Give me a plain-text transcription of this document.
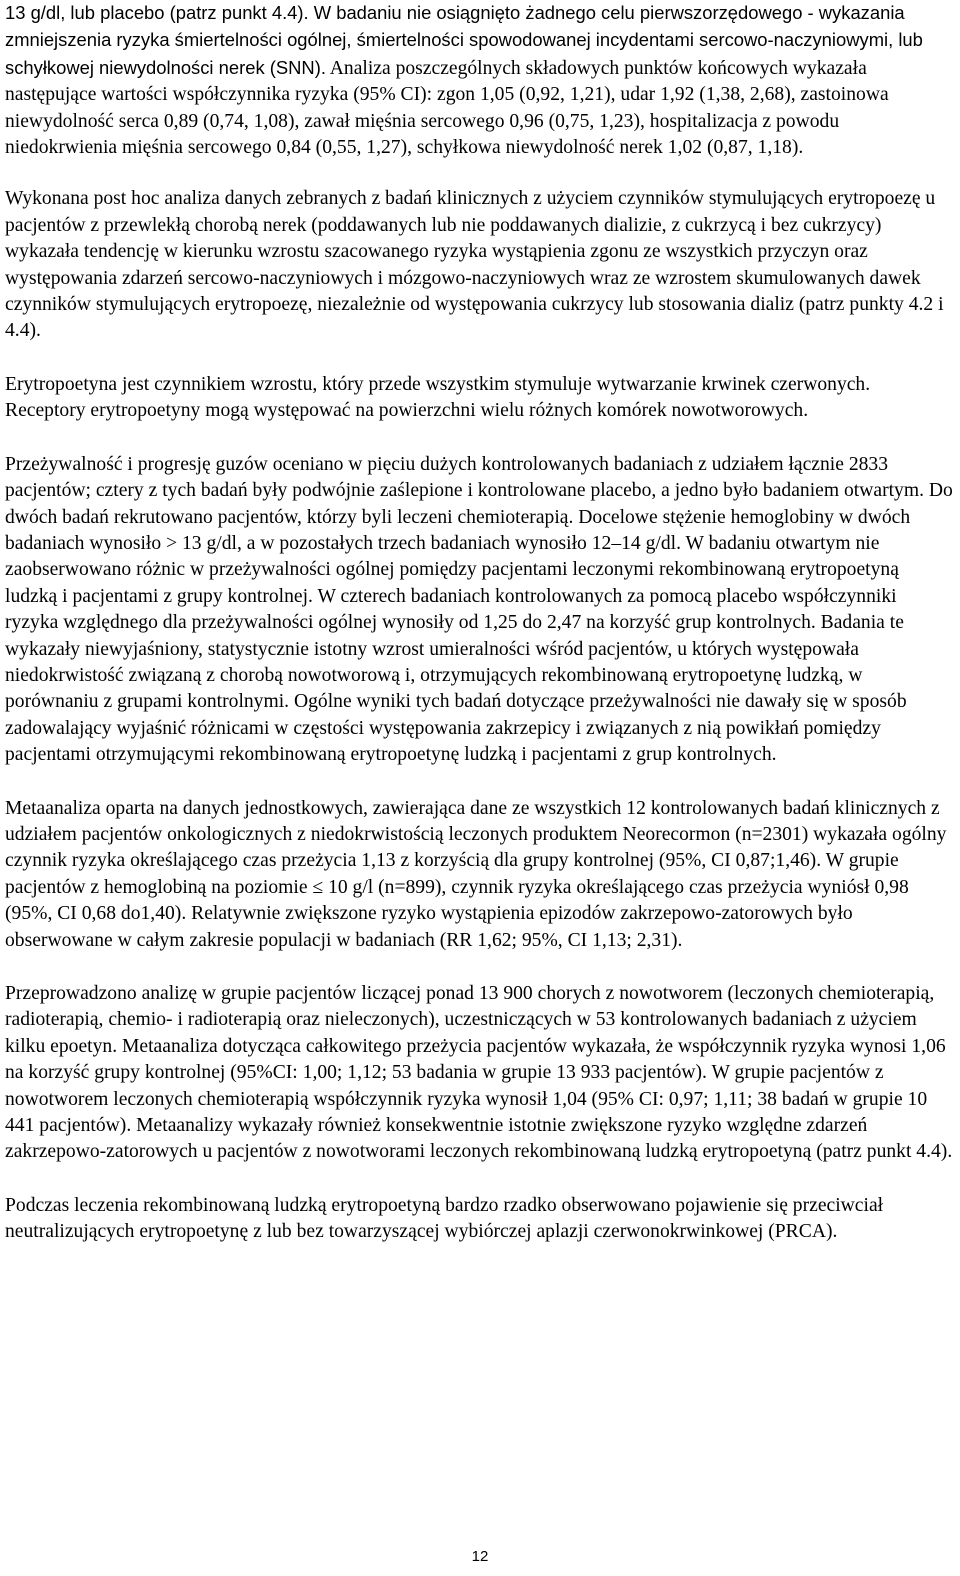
13 g/dl, lub placebo (patrz punkt 4.4). W badaniu nie osiągnięto żadnego celu pierwszorzędowego - wykazania zmniejszenia ryzyka śmiertelności ogólnej, śmiertelności spowodowanej incydentami sercowo-naczyniowymi, lub schyłkowej niewydolności nerek (SNN). Analiza poszczególnych składowych punktów końcowych wykazała następujące wartości współczynnika ryzyka (95% CI): zgon 1,05 (0,92, 1,21), udar 1,92 (1,38, 2,68), zastoinowa niewydolność serca 0,89 (0,74, 1,08), zawał mięśnia sercowego 0,96 (0,75, 1,23), hospitalizacja z powodu niedokrwienia mięśnia sercowego 0,84 (0,55, 1,27), schyłkowa niewydolność nerek 1,02 (0,87, 1,18).

Wykonana post hoc analiza danych zebranych z badań klinicznych z użyciem czynników stymulujących erytropoezę u pacjentów z przewlekłą chorobą nerek (poddawanych lub nie poddawanych dializie, z cukrzycą i bez cukrzycy) wykazała tendencję w kierunku wzrostu szacowanego ryzyka wystąpienia zgonu ze wszystkich przyczyn oraz występowania zdarzeń sercowo-naczyniowych i mózgowo-naczyniowych wraz ze wzrostem skumulowanych dawek czynników stymulujących erytropoezę, niezależnie od występowania cukrzycy lub stosowania dializ (patrz punkty 4.2 i 4.4).

Erytropoetyna jest czynnikiem wzrostu, który przede wszystkim stymuluje wytwarzanie krwinek czerwonych. Receptory erytropoetyny mogą występować na powierzchni wielu różnych komórek nowotworowych.

Przeżywalność i progresję guzów oceniano w pięciu dużych kontrolowanych badaniach z udziałem łącznie 2833 pacjentów; cztery z tych badań były podwójnie zaślepione i kontrolowane placebo, a jedno było badaniem otwartym. Do dwóch badań rekrutowano pacjentów, którzy byli leczeni chemioterapią. Docelowe stężenie hemoglobiny w dwóch badaniach wynosiło > 13 g/dl, a w pozostałych trzech badaniach wynosiło 12–14 g/dl. W badaniu otwartym nie zaobserwowano różnic w przeżywalności ogólnej pomiędzy pacjentami leczonymi rekombinowaną erytropoetyną ludzką i pacjentami z grupy kontrolnej. W czterech badaniach kontrolowanych za pomocą placebo współczynniki ryzyka względnego dla przeżywalności ogólnej wynosiły od 1,25 do 2,47 na korzyść grup kontrolnych. Badania te wykazały niewyjaśniony, statystycznie istotny wzrost umieralności wśród pacjentów, u których występowała niedokrwistość związaną z chorobą nowotworową i, otrzymujących rekombinowaną erytropoetynę ludzką, w porównaniu z grupami kontrolnymi. Ogólne wyniki tych badań dotyczące przeżywalności nie dawały się w sposób zadowalający wyjaśnić różnicami w częstości występowania zakrzepicy i związanych z nią powikłań pomiędzy pacjentami otrzymującymi rekombinowaną erytropoetynę ludzką i pacjentami z grup kontrolnych.

Metaanaliza oparta na danych jednostkowych, zawierająca dane ze wszystkich 12 kontrolowanych badań klinicznych z udziałem pacjentów onkologicznych z niedokrwistością leczonych produktem Neorecormon (n=2301) wykazała ogólny czynnik ryzyka określającego czas przeżycia 1,13 z korzyścią dla grupy kontrolnej (95%, CI 0,87;1,46). W grupie pacjentów z hemoglobiną na poziomie ≤ 10 g/l (n=899), czynnik ryzyka określającego czas przeżycia wyniósł 0,98 (95%, CI 0,68 do1,40). Relatywnie zwiększone ryzyko wystąpienia epizodów zakrzepowo-zatorowych było obserwowane w całym zakresie populacji w badaniach (RR 1,62; 95%, CI 1,13; 2,31).

Przeprowadzono analizę w grupie pacjentów liczącej ponad 13 900 chorych z nowotworem (leczonych chemioterapią, radioterapią, chemio- i radioterapią oraz nieleczonych), uczestniczących w 53 kontrolowanych badaniach z użyciem kilku epoetyn. Metaanaliza dotycząca całkowitego przeżycia pacjentów wykazała, że współczynnik ryzyka wynosi 1,06 na korzyść grupy kontrolnej (95%CI: 1,00; 1,12; 53 badania w grupie 13 933 pacjentów). W grupie pacjentów z nowotworem leczonych chemioterapią współczynnik ryzyka wynosił 1,04 (95% CI: 0,97; 1,11; 38 badań w grupie 10 441 pacjentów). Metaanalizy wykazały również konsekwentnie istotnie zwiększone ryzyko względne zdarzeń zakrzepowo-zatorowych u pacjentów z nowotworami leczonych rekombinowaną ludzką erytropoetyną (patrz punkt 4.4).

Podczas leczenia rekombinowaną ludzką erytropoetyną bardzo rzadko obserwowano pojawienie się przeciwciał neutralizujących erytropoetynę z lub bez towarzyszącej wybiórczej aplazji czerwonokrwinkowej (PRCA).

12
